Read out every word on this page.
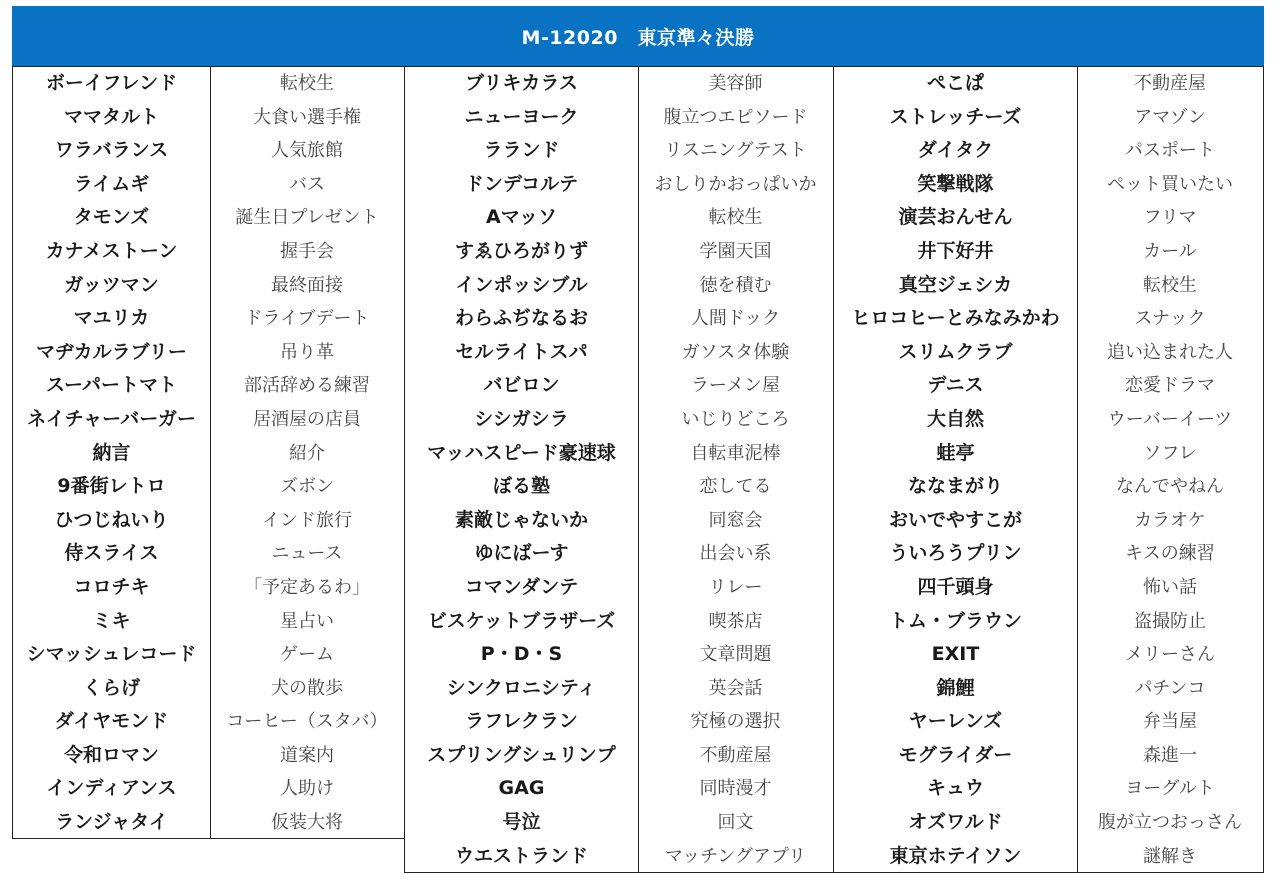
M-12020　東京準々決勝
ボーイフレンド
ママタルト
ワラバランス
ライムギ
タモンズ
カナメストーン
ガッツマン
マユリカ
マヂカルラブリー
スーパートマト
ネイチャーバーガー
納言
9番街レトロ
ひつじねいり
侍スライス
コロチキ
ミキ
シマッシュレコード
くらげ
ダイヤモンド
令和ロマン
インディアンス
ランジャタイ
転校生
大食い選手権
人気旅館
バス
誕生日プレゼント
握手会
最終面接
ドライブデート
吊り革
部活辞める練習
居酒屋の店員
紹介
ズボン
インド旅行
ニュース
「予定あるわ」
星占い
ゲーム
犬の散歩
コーヒー（スタバ）
道案内
人助け
仮装大将
ブリキカラス
ニューヨーク
ラランド
ドンデコルテ
Aマッソ
すゑひろがりず
インポッシブル
わらふぢなるお
セルライトスパ
バビロン
シシガシラ
マッハスピード豪速球
ぼる塾
素敵じゃないか
ゆにばーす
コマンダンテ
ビスケットブラザーズ
P・D・S
シンクロニシティ
ラフレクラン
スプリングシュリンプ
GAG
号泣
ウエストランド
美容師
腹立つエピソード
リスニングテスト
おしりかおっぱいか
転校生
学園天国
徳を積む
人間ドック
ガソスタ体験
ラーメン屋
いじりどころ
自転車泥棒
恋してる
同窓会
出会い系
リレー
喫茶店
文章問題
英会話
究極の選択
不動産屋
同時漫才
回文
マッチングアプリ
ぺこぱ
ストレッチーズ
ダイタク
笑撃戦隊
演芸おんせん
井下好井
真空ジェシカ
ヒロコヒーとみなみかわ
スリムクラブ
デニス
大自然
蛙亭
ななまがり
おいでやすこが
ういろうプリン
四千頭身
トム・ブラウン
EXIT
錦鯉
ヤーレンズ
モグライダー
キュウ
オズワルド
東京ホテイソン
不動産屋
アマゾン
パスポート
ペット買いたい
フリマ
カール
転校生
スナック
追い込まれた人
恋愛ドラマ
ウーバーイーツ
ソフレ
なんでやねん
カラオケ
キスの練習
怖い話
盗撮防止
メリーさん
パチンコ
弁当屋
森進一
ヨーグルト
腹が立つおっさん
謎解き
